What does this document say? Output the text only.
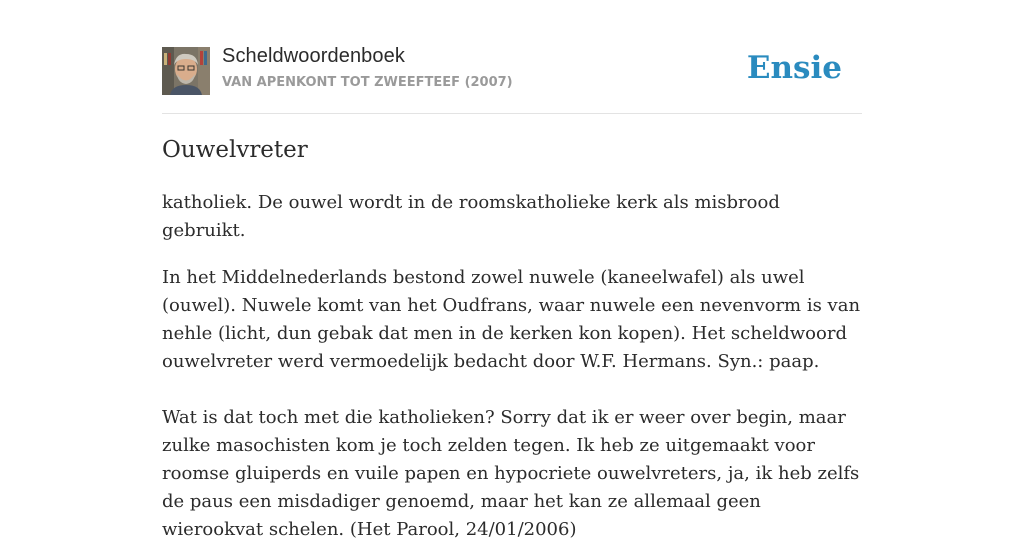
Scheldwoordenboek
VAN APENKONT TOT ZWEEFTEEF (2007)	Ensie
Ouwelvreter

katholiek. De ouwel wordt in de roomskatholieke kerk als misbrood gebruikt.

In het Middelnederlands bestond zowel nuwele (kaneelwafel) als uwel (ouwel). Nuwele komt van het Oudfrans, waar nuwele een nevenvorm is van nehle (licht, dun gebak dat men in de kerken kon kopen). Het scheldwoord ouwelvreter werd vermoedelijk bedacht door W.F. Hermans. Syn.: paap.

Wat is dat toch met die katholieken? Sorry dat ik er weer over begin, maar zulke masochisten kom je toch zelden tegen. Ik heb ze uitgemaakt voor roomse gluiperds en vuile papen en hypocriete ouwelvreters, ja, ik heb zelfs de paus een misdadiger genoemd, maar het kan ze allemaal geen wierookvat schelen. (Het Parool, 24/01/2006)
